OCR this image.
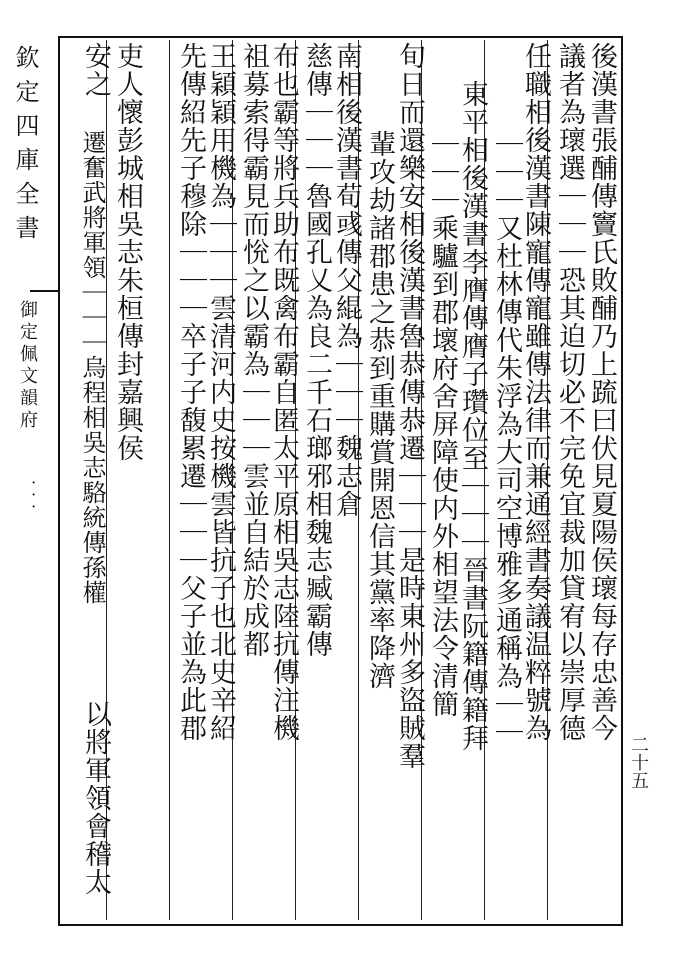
欽定四庫全書
御定佩文韻府
．．．
二十五
後漢書張酺傳竇氏敗酺乃上䟽曰伏見夏陽侯瓌每存忠善今
議者為瓌選｜｜｜恐其迫切必不完免宜裁加貸宥以崇厚德
任職相後漢書陳寵傳寵雖傳法律而兼通經書奏議温粹號為
｜｜｜又杜林傳代朱浮為大司空博雅多通稱為｜｜
東平相後漢書李膺傳膺子瓚位至｜｜｜晉書阮籍傳籍拜
｜｜｜乘驢到郡壞府舍屏障使内外相望法令清簡
旬日而還樂安相後漢書魯恭傳恭遷｜｜｜是時東州多盜賊羣
輩攻劫諸郡患之恭到重購賞開恩信其黨率降濟
南相後漢書荀彧傳父緄為｜｜｜魏志倉
慈傳｜｜｜魯國孔乂為良二千石瑯邪相魏志臧霸傳
布也霸等將兵助布既禽布霸自匿太平原相吳志陸抗傳注機
祖募索得霸見而恱之以霸為｜｜｜雲並自結於成都
王穎穎用機為｜｜｜雲清河内史按機雲皆抗子也北史辛紹
先傳紹先子穆除｜｜｜卒子子馥累遷｜｜｜父子並為此郡
吏人懷彭城相吳志朱桓傳封嘉興侯
安之
以將軍領會稽太
遷奮武將軍領｜｜｜烏程相吳志駱統傳孫權
